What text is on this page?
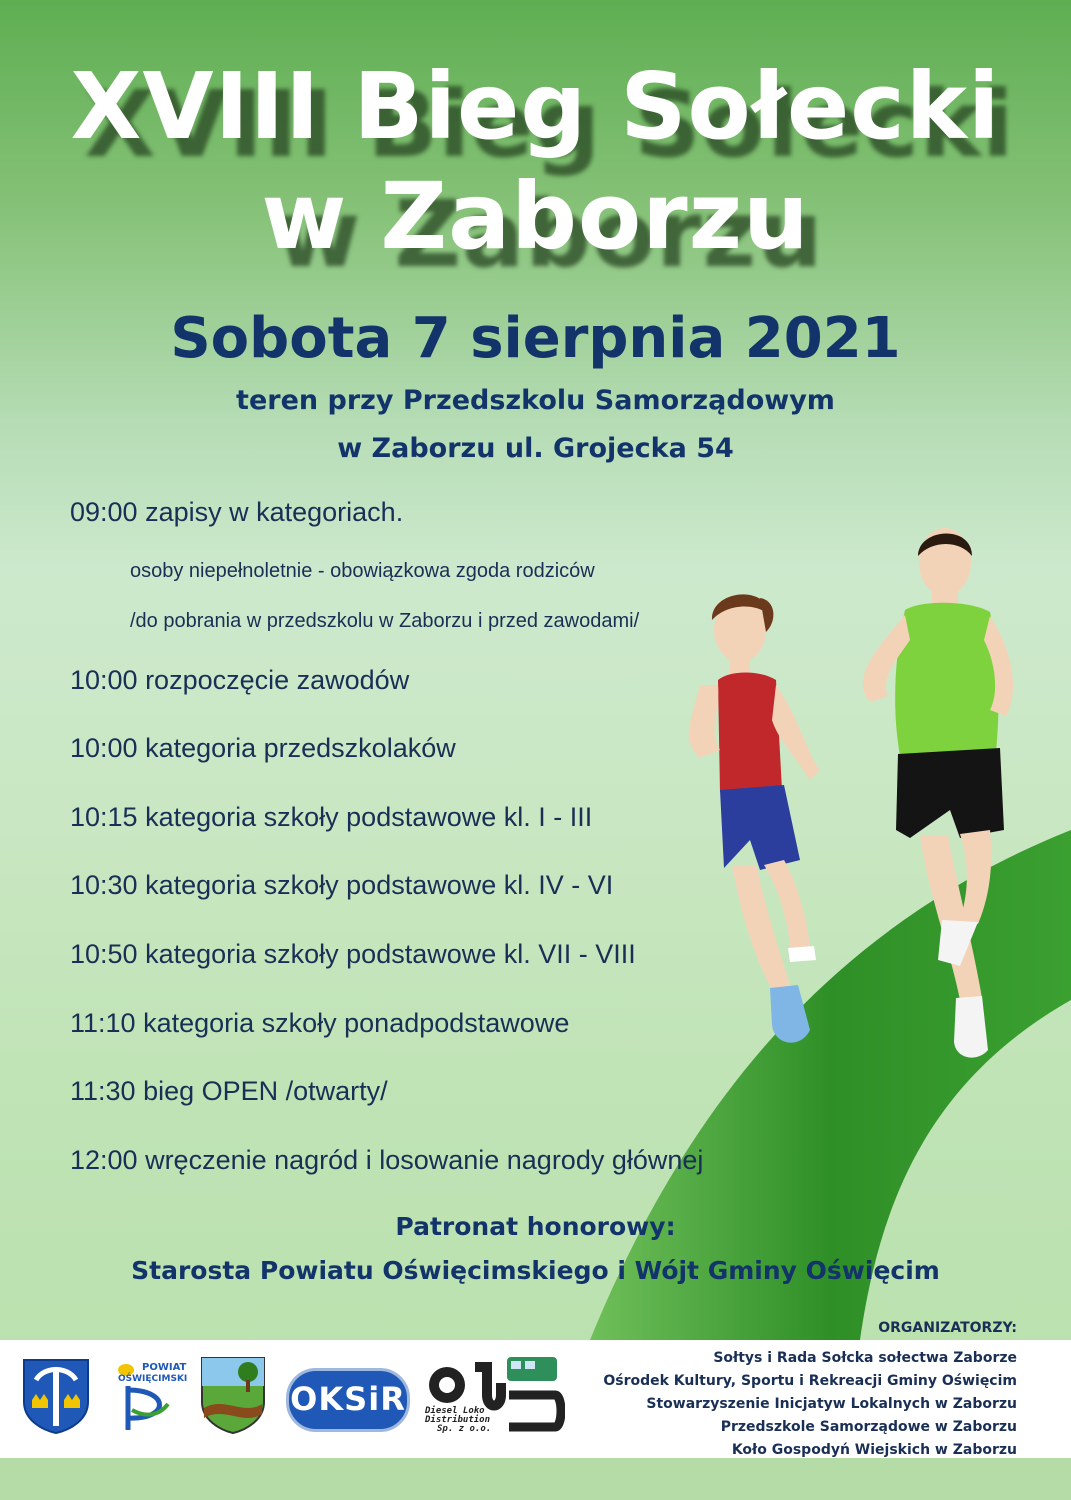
XVIII Bieg Sołecki
w Zaborzu
Sobota 7 sierpnia 2021
teren przy Przedszkolu Samorządowym
w Zaborzu ul. Grojecka 54
09:00 zapisy w kategoriach.
osoby niepełnoletnie - obowiązkowa zgoda rodziców
/do pobrania w przedszkolu w Zaborzu i przed zawodami/
10:00 rozpoczęcie zawodów
10:00 kategoria przedszkolaków
10:15 kategoria szkoły podstawowe kl. I - III
10:30 kategoria szkoły podstawowe kl. IV - VI
10:50 kategoria szkoły podstawowe kl. VII - VIII
11:10 kategoria szkoły ponadpodstawowe
11:30 bieg OPEN /otwarty/
12:00 wręczenie nagród i losowanie nagrody głównej
Patronat honorowy:
Starosta Powiatu Oświęcimskiego i Wójt Gminy Oświęcim
ORGANIZATORZY:
Sołtys i Rada Sołcka sołectwa Zaborze
Ośrodek Kultury, Sportu i Rekreacji Gminy Oświęcim
Stowarzyszenie Inicjatyw Lokalnych w Zaborzu
Przedszkole Samorządowe w Zaborzu
Koło Gospodyń Wiejskich w Zaborzu
POWIAT
OŚWIĘCIMSKI
OKSiR Diesel Loko
Distribution
Sp. z o.o.
